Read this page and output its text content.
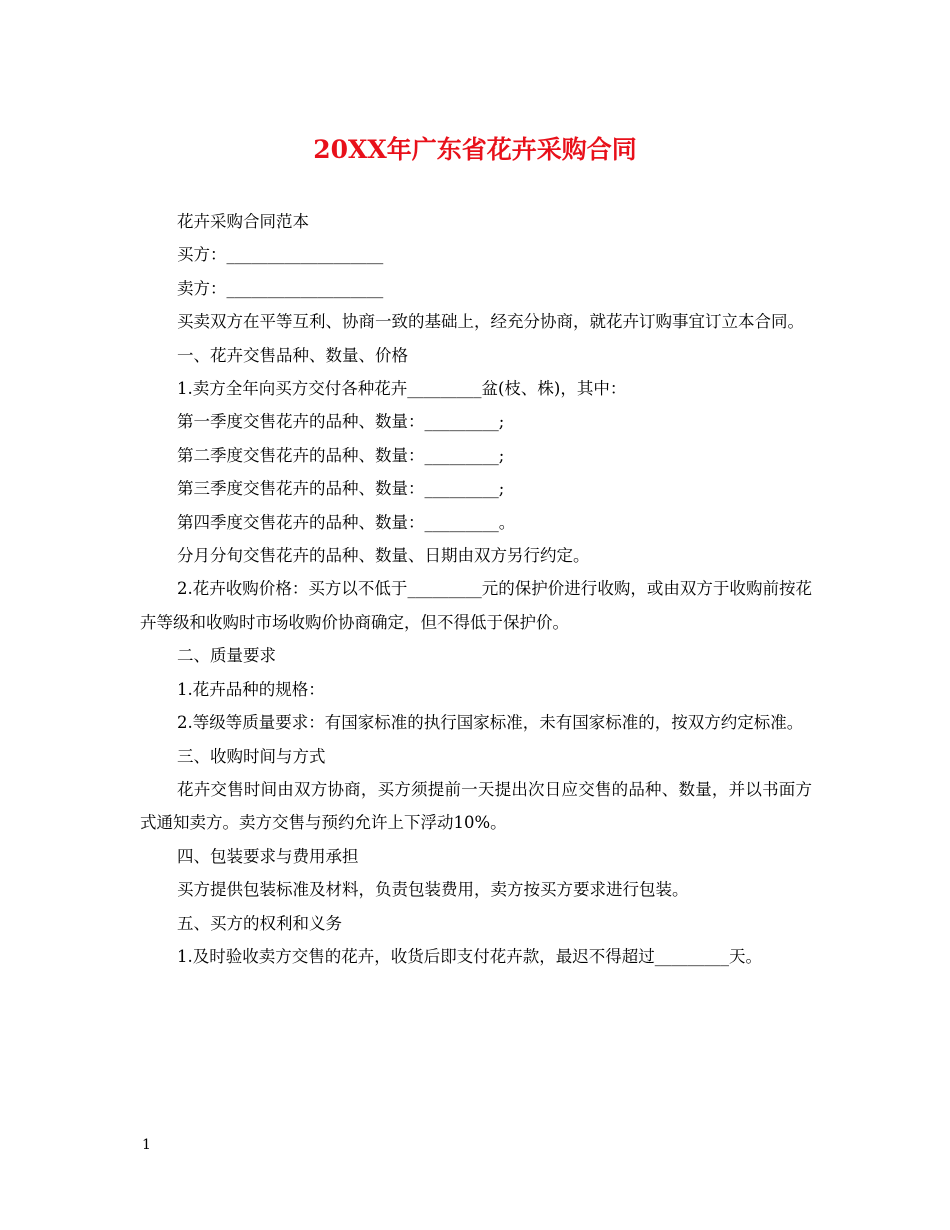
20XX年广东省花卉采购合同

花卉采购合同范本

买方：___________________

卖方：___________________

买卖双方在平等互利、协商一致的基础上，经充分协商，就花卉订购事宜订立本合同。

一、花卉交售品种、数量、价格

1.卖方全年向买方交付各种花卉_________盆(枝、株)，其中：

第一季度交售花卉的品种、数量：_________;

第二季度交售花卉的品种、数量：_________;

第三季度交售花卉的品种、数量：_________;

第四季度交售花卉的品种、数量：_________。

分月分旬交售花卉的品种、数量、日期由双方另行约定。

2.花卉收购价格：买方以不低于_________元的保护价进行收购，或由双方于收购前按花卉等级和收购时市场收购价协商确定，但不得低于保护价。

二、质量要求

1.花卉品种的规格：

2.等级等质量要求：有国家标准的执行国家标准，未有国家标准的，按双方约定标准。

三、收购时间与方式

花卉交售时间由双方协商，买方须提前一天提出次日应交售的品种、数量，并以书面方式通知卖方。卖方交售与预约允许上下浮动10%。

四、包装要求与费用承担

买方提供包装标准及材料，负责包装费用，卖方按买方要求进行包装。

五、买方的权利和义务

1.及时验收卖方交售的花卉，收货后即支付花卉款，最迟不得超过_________天。

1
